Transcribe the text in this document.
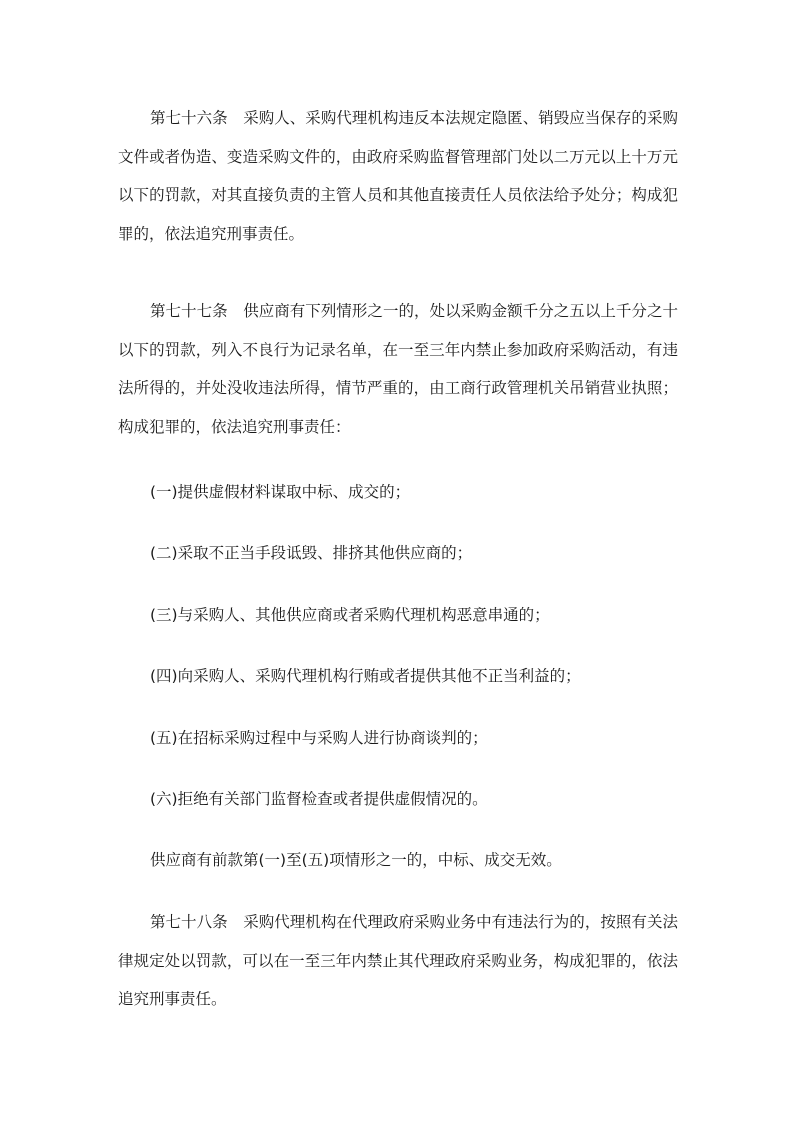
第七十六条　 采购人、采购代理机构违反本法规定隐匿、销毁应当保存的采购文件或者伪造、变造采购文件的，由政府采购监督管理部门处以二万元以上十万元以下的罚款，对其直接负责的主管人员和其他直接责任人员依法给予处分；构成犯罪的，依法追究刑事责任。

第七十七条　 供应商有下列情形之一的，处以采购金额千分之五以上千分之十以下的罚款，列入不良行为记录名单，在一至三年内禁止参加政府采购活动，有违法所得的，并处没收违法所得，情节严重的，由工商行政管理机关吊销营业执照；构成犯罪的，依法追究刑事责任：

(一)提供虚假材料谋取中标、成交的；

(二)采取不正当手段诋毁、排挤其他供应商的；

(三)与采购人、其他供应商或者采购代理机构恶意串通的；

(四)向采购人、采购代理机构行贿或者提供其他不正当利益的；

(五)在招标采购过程中与采购人进行协商谈判的；

(六)拒绝有关部门监督检查或者提供虚假情况的。

供应商有前款第(一)至(五)项情形之一的，中标、成交无效。

第七十八条　 采购代理机构在代理政府采购业务中有违法行为的，按照有关法律规定处以罚款，可以在一至三年内禁止其代理政府采购业务，构成犯罪的，依法追究刑事责任。
